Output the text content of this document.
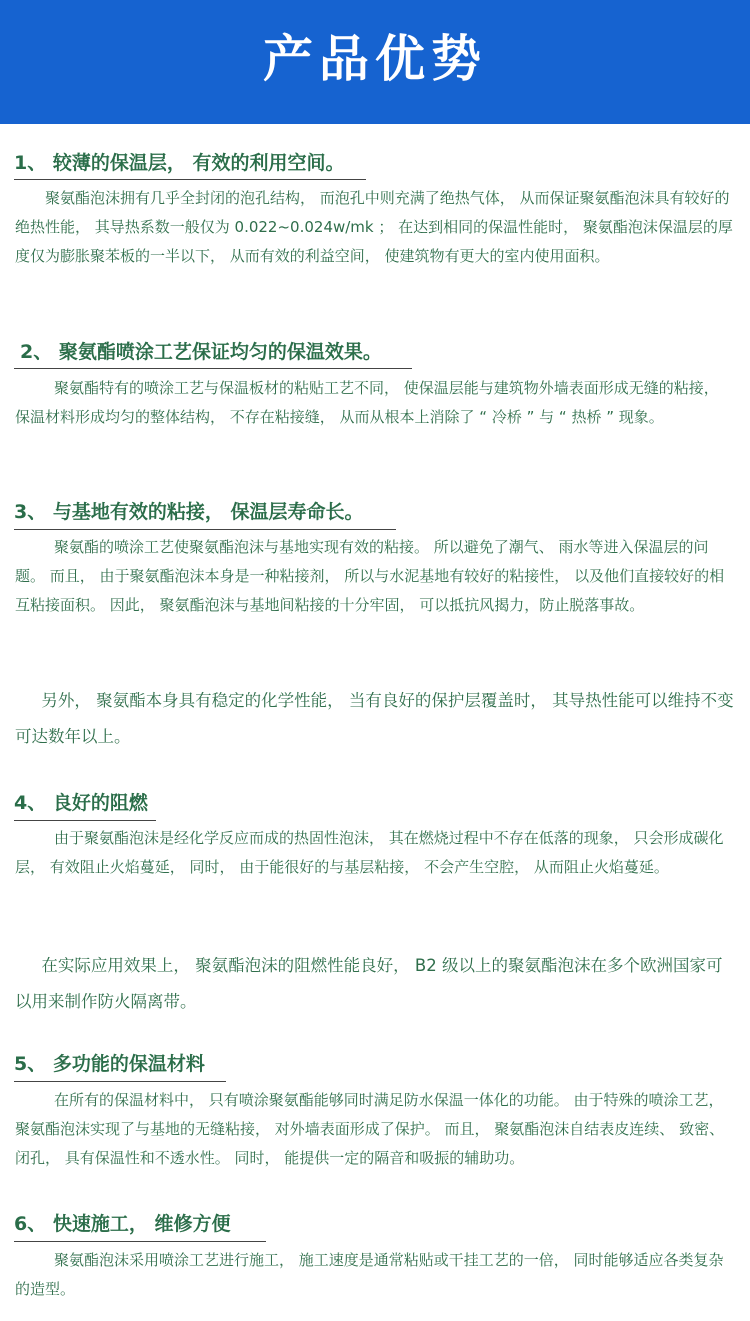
产品优势
1、 较薄的保温层， 有效的利用空间。

聚氨酯泡沫拥有几乎全封闭的泡孔结构， 而泡孔中则充满了绝热气体， 从而保证聚氨酯泡沫具有较好的绝热性能， 其导热系数一般仅为 0.022~0.024w/mk ； 在达到相同的保温性能时， 聚氨酯泡沫保温层的厚度仅为膨胀聚苯板的一半以下， 从而有效的利益空间， 使建筑物有更大的室内使用面积。

2、 聚氨酯喷涂工艺保证均匀的保温效果。

聚氨酯特有的喷涂工艺与保温板材的粘贴工艺不同， 使保温层能与建筑物外墙表面形成无缝的粘接， 保温材料形成均匀的整体结构， 不存在粘接缝， 从而从根本上消除了 “ 冷桥 ” 与 “ 热桥 ” 现象。

3、 与基地有效的粘接， 保温层寿命长。

聚氨酯的喷涂工艺使聚氨酯泡沫与基地实现有效的粘接。 所以避免了潮气、 雨水等进入保温层的问题。 而且， 由于聚氨酯泡沫本身是一种粘接剂， 所以与水泥基地有较好的粘接性， 以及他们直接较好的相互粘接面积。 因此， 聚氨酯泡沫与基地间粘接的十分牢固， 可以抵抗风揭力，防止脱落事故。

另外， 聚氨酯本身具有稳定的化学性能， 当有良好的保护层覆盖时， 其导热性能可以维持不变可达数年以上。

4、 良好的阻燃

由于聚氨酯泡沫是经化学反应而成的热固性泡沫， 其在燃烧过程中不存在低落的现象， 只会形成碳化层， 有效阻止火焰蔓延， 同时， 由于能很好的与基层粘接， 不会产生空腔， 从而阻止火焰蔓延。

在实际应用效果上， 聚氨酯泡沫的阻燃性能良好， B2 级以上的聚氨酯泡沫在多个欧洲国家可以用来制作防火隔离带。

5、 多功能的保温材料

在所有的保温材料中， 只有喷涂聚氨酯能够同时满足防水保温一体化的功能。 由于特殊的喷涂工艺， 聚氨酯泡沫实现了与基地的无缝粘接， 对外墙表面形成了保护。 而且， 聚氨酯泡沫自结表皮连续、 致密、 闭孔， 具有保温性和不透水性。 同时， 能提供一定的隔音和吸振的辅助功。

6、 快速施工， 维修方便

聚氨酯泡沫采用喷涂工艺进行施工， 施工速度是通常粘贴或干挂工艺的一倍， 同时能够适应各类复杂的造型。
